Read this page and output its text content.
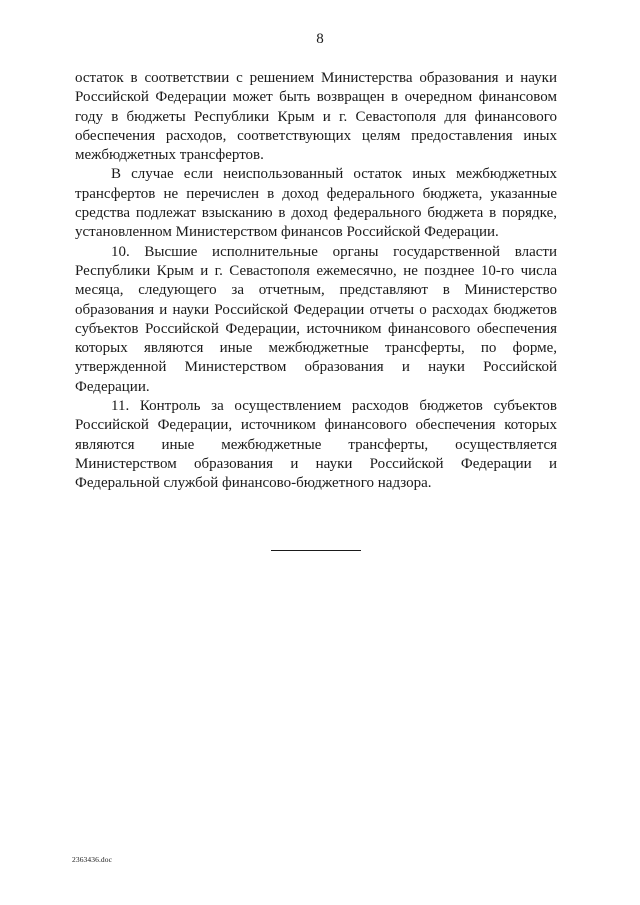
8

остаток в соответствии с решением Министерства образования и науки Российской Федерации может быть возвращен в очередном финансовом году в бюджеты Республики Крым и г. Севастополя для финансового обеспечения расходов, соответствующих целям предоставления иных межбюджетных трансфертов.

В случае если неиспользованный остаток иных межбюджетных трансфертов не перечислен в доход федерального бюджета, указанные средства подлежат взысканию в доход федерального бюджета в порядке, установленном Министерством финансов Российской Федерации.

10. Высшие исполнительные органы государственной власти Республики Крым и г. Севастополя ежемесячно, не позднее 10-го числа месяца, следующего за отчетным, представляют в Министерство образования и науки Российской Федерации отчеты о расходах бюджетов субъектов Российской Федерации, источником финансового обеспечения которых являются иные межбюджетные трансферты, по форме, утвержденной Министерством образования и науки Российской Федерации.

11. Контроль за осуществлением расходов бюджетов субъектов Российской Федерации, источником финансового обеспечения которых являются иные межбюджетные трансферты, осуществляется Министерством образования и науки Российской Федерации и Федеральной службой финансово-бюджетного надзора.

2363436.doc
